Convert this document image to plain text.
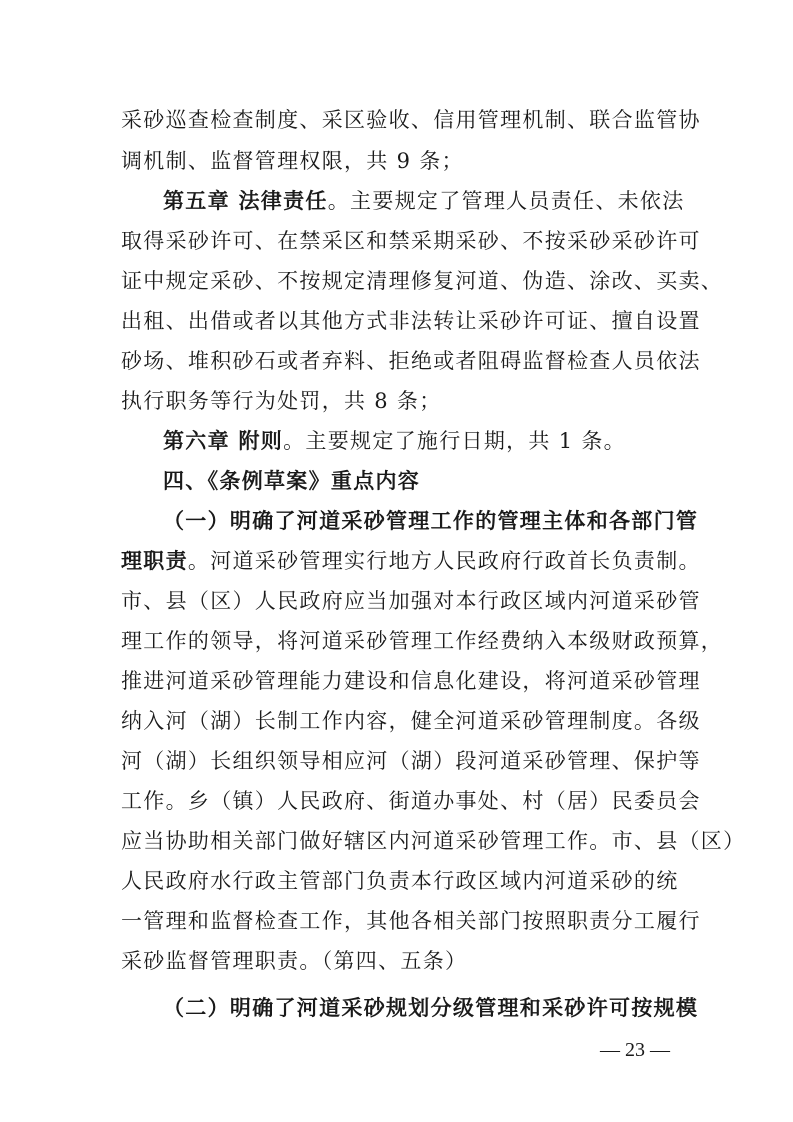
采砂巡查检查制度、采区验收、信用管理机制、联合监管协
调机制、监督管理权限，共 9 条；
第五章 法律责任。主要规定了管理人员责任、未依法
取得采砂许可、在禁采区和禁采期采砂、不按采砂采砂许可
证中规定采砂、不按规定清理修复河道、伪造、涂改、买卖、
出租、出借或者以其他方式非法转让采砂许可证、擅自设置
砂场、堆积砂石或者弃料、拒绝或者阻碍监督检查人员依法
执行职务等行为处罚，共 8 条；
第六章 附则。主要规定了施行日期，共 1 条。
四、《条例草案》重点内容
（一）明确了河道采砂管理工作的管理主体和各部门管
理职责。河道采砂管理实行地方人民政府行政首长负责制。
市、县（区）人民政府应当加强对本行政区域内河道采砂管
理工作的领导，将河道采砂管理工作经费纳入本级财政预算，
推进河道采砂管理能力建设和信息化建设，将河道采砂管理
纳入河（湖）长制工作内容，健全河道采砂管理制度。各级
河（湖）长组织领导相应河（湖）段河道采砂管理、保护等
工作。乡（镇）人民政府、街道办事处、村（居）民委员会
应当协助相关部门做好辖区内河道采砂管理工作。市、县（区）
人民政府水行政主管部门负责本行政区域内河道采砂的统
一管理和监督检查工作，其他各相关部门按照职责分工履行
采砂监督管理职责。（第四、五条）
（二）明确了河道采砂规划分级管理和采砂许可按规模
— 23 —
